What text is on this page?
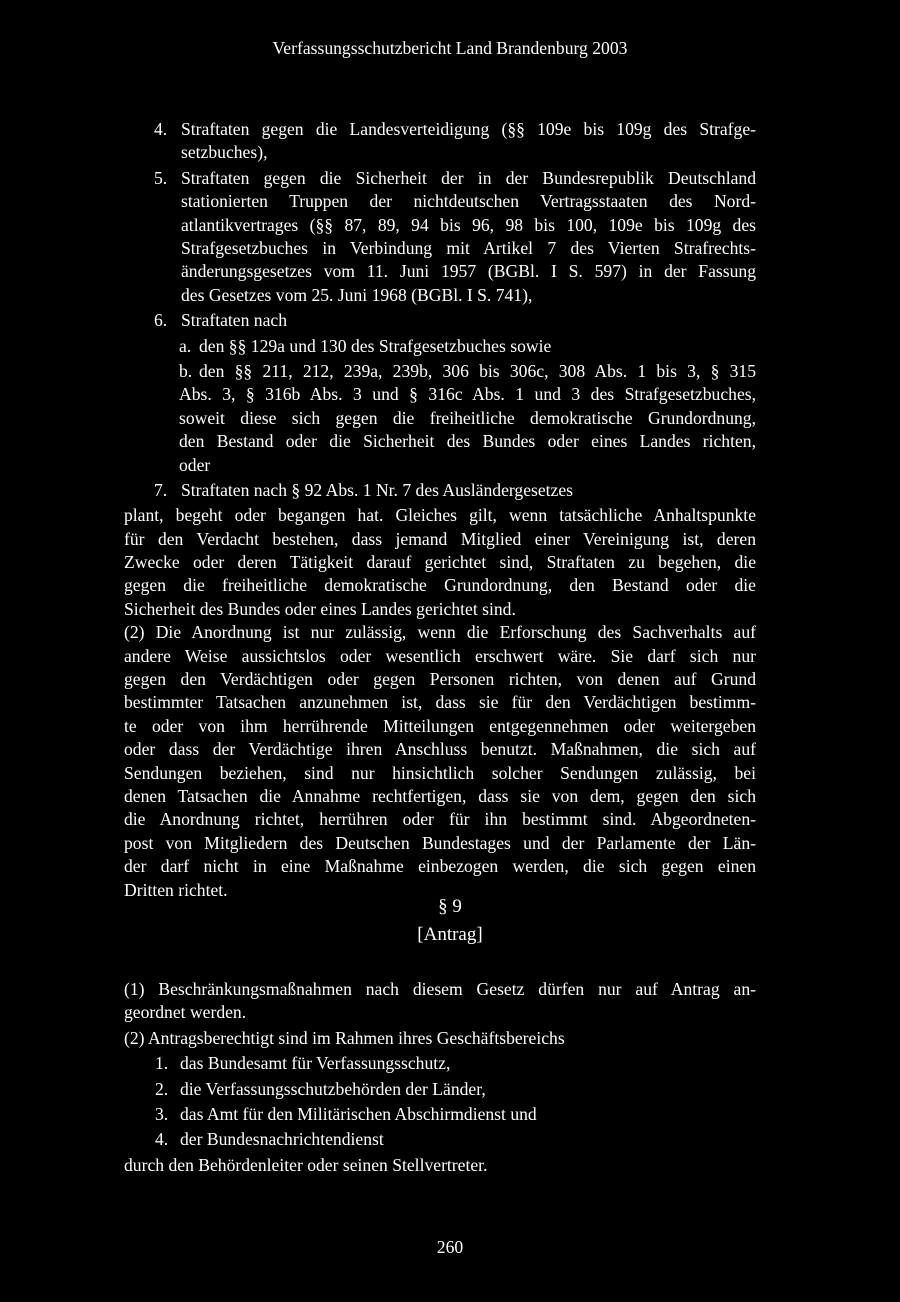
Verfassungsschutzbericht Land Brandenburg 2003
4. Straftaten gegen die Landesverteidigung (§§ 109e bis 109g des Strafge-
setzbuches),
5. Straftaten gegen die Sicherheit der in der Bundesrepublik Deutschland
stationierten Truppen der nichtdeutschen Vertragsstaaten des Nord-
atlantikvertrages (§§ 87, 89, 94 bis 96, 98 bis 100, 109e bis 109g des
Strafgesetzbuches in Verbindung mit Artikel 7 des Vierten Strafrechts-
änderungsgesetzes vom 11. Juni 1957 (BGBl. I S. 597) in der Fassung
des Gesetzes vom 25. Juni 1968 (BGBl. I S. 741),
6. Straftaten nach
a. den §§ 129a und 130 des Strafgesetzbuches sowie
b. den §§ 211, 212, 239a, 239b, 306 bis 306c, 308 Abs. 1 bis 3, § 315
Abs. 3, § 316b Abs. 3 und § 316c Abs. 1 und 3 des Strafgesetzbuches,
soweit diese sich gegen die freiheitliche demokratische Grundordnung,
den Bestand oder die Sicherheit des Bundes oder eines Landes richten,
oder
7. Straftaten nach § 92 Abs. 1 Nr. 7 des Ausländergesetzes
plant, begeht oder begangen hat. Gleiches gilt, wenn tatsächliche Anhaltspunkte
für den Verdacht bestehen, dass jemand Mitglied einer Vereinigung ist, deren
Zwecke oder deren Tätigkeit darauf gerichtet sind, Straftaten zu begehen, die
gegen die freiheitliche demokratische Grundordnung, den Bestand oder die
Sicherheit des Bundes oder eines Landes gerichtet sind.
(2) Die Anordnung ist nur zulässig, wenn die Erforschung des Sachverhalts auf
andere Weise aussichtslos oder wesentlich erschwert wäre. Sie darf sich nur
gegen den Verdächtigen oder gegen Personen richten, von denen auf Grund
bestimmter Tatsachen anzunehmen ist, dass sie für den Verdächtigen bestimm-
te oder von ihm herrührende Mitteilungen entgegennehmen oder weitergeben
oder dass der Verdächtige ihren Anschluss benutzt. Maßnahmen, die sich auf
Sendungen beziehen, sind nur hinsichtlich solcher Sendungen zulässig, bei
denen Tatsachen die Annahme rechtfertigen, dass sie von dem, gegen den sich
die Anordnung richtet, herrühren oder für ihn bestimmt sind. Abgeordneten-
post von Mitgliedern des Deutschen Bundestages und der Parlamente der Län-
der darf nicht in eine Maßnahme einbezogen werden, die sich gegen einen
Dritten richtet.
§ 9
[Antrag]
(1) Beschränkungsmaßnahmen nach diesem Gesetz dürfen nur auf Antrag an-
geordnet werden.
(2) Antragsberechtigt sind im Rahmen ihres Geschäftsbereichs
1. das Bundesamt für Verfassungsschutz,
2. die Verfassungsschutzbehörden der Länder,
3. das Amt für den Militärischen Abschirmdienst und
4. der Bundesnachrichtendienst
durch den Behördenleiter oder seinen Stellvertreter.
260
